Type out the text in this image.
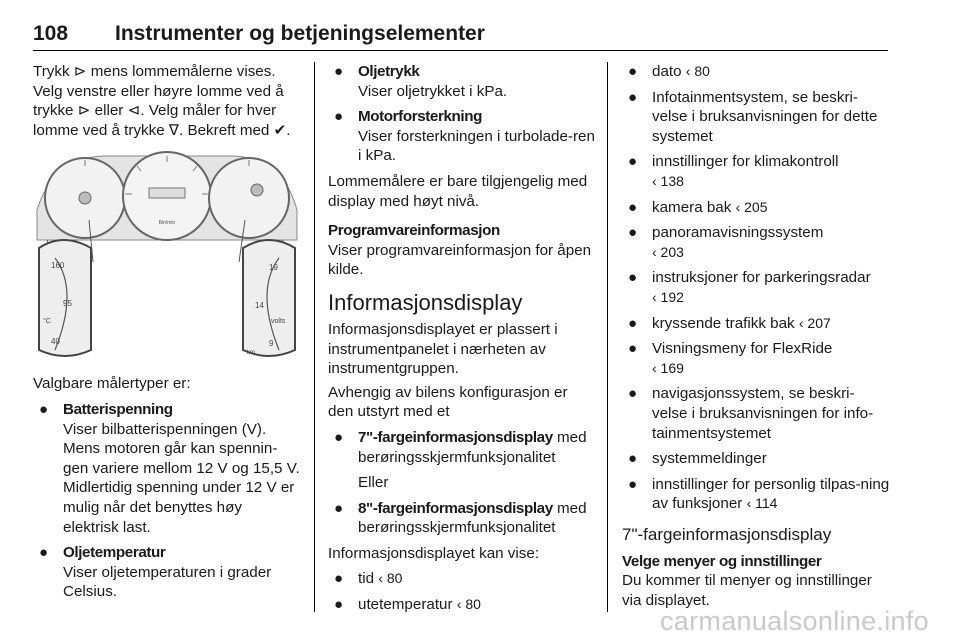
108 Instrumenter og betjeningselementer

Trykk ⊳ mens lommemålerne vises. Velg venstre eller høyre lomme ved å trykke ⊳ eller ⊲. Velg måler for hver lomme ved å trykke ∇. Bekreft med ✔.

Bin/min
160
95
40
°C
19
14
9
volts
km

Valgbare målertyper er:

● Batterispenning
Viser bilbatterispenningen (V). Mens motoren går kan spennin-gen variere mellom 12 V og 15,5 V. Midlertidig spenning under 12 V er mulig når det benyttes høy elektrisk last.
● Oljetemperatur
Viser oljetemperaturen i grader Celsius.
● Oljetrykk
Viser oljetrykket i kPa.
● Motorforsterkning
Viser forsterkningen i turbolade-ren i kPa.

Lommemålere er bare tilgjengelig med display med høyt nivå.

Programvareinformasjon

Viser programvareinformasjon for åpen kilde.

Informasjonsdisplay

Informasjonsdisplayet er plassert i instrumentpanelet i nærheten av instrumentgruppen.

Avhengig av bilens konfigurasjon er den utstyrt med et

● 7"-fargeinformasjonsdisplay med berøringsskjermfunksjonalitet
Eller
● 8"-fargeinformasjonsdisplay med berøringsskjermfunksjonalitet

Informasjonsdisplayet kan vise:

● tid ‹ 80
● utetemperatur ‹ 80
● dato ‹ 80
● Infotainmentsystem, se beskri-velse i bruksanvisningen for dette systemet
● innstillinger for klimakontroll
‹ 138
● kamera bak ‹ 205
● panoramavisningssystem
‹ 203
● instruksjoner for parkeringsradar
‹ 192
● kryssende trafikk bak ‹ 207
● Visningsmeny for FlexRide
‹ 169
● navigasjonssystem, se beskri-velse i bruksanvisningen for info-tainmentsystemet
● systemmeldinger
● innstillinger for personlig tilpas-ning av funksjoner ‹ 114

7"-fargeinformasjonsdisplay

Velge menyer og innstillinger

Du kommer til menyer og innstillinger via displayet.

carmanualsonline.info
